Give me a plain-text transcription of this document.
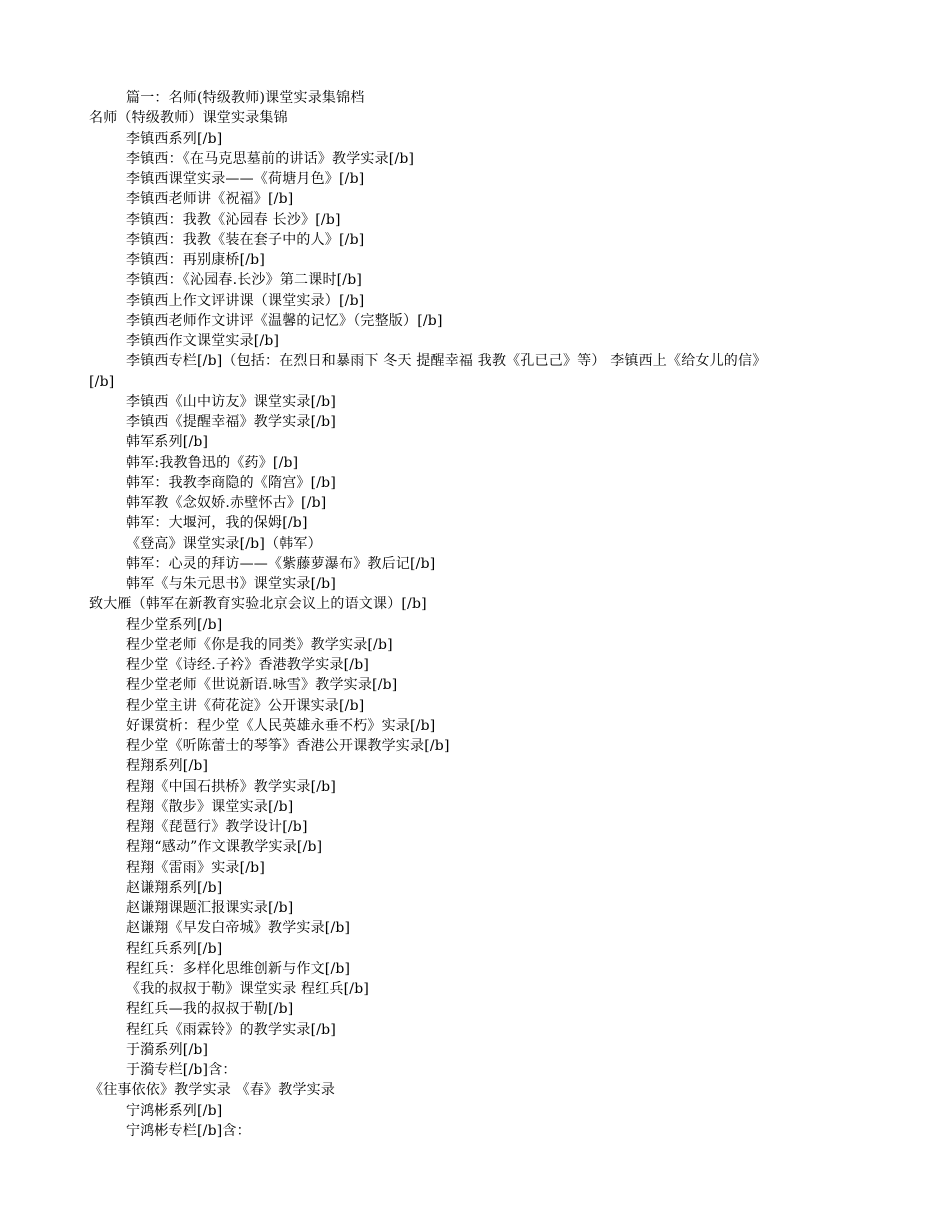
篇一：名师(特级教师)课堂实录集锦档
名师（特级教师）课堂实录集锦
李镇西系列[/b]
李镇西：《在马克思墓前的讲话》教学实录[/b]
李镇西课堂实录——《荷塘月色》[/b]
李镇西老师讲《祝福》[/b]
李镇西：我教《沁园春 长沙》[/b]
李镇西：我教《装在套子中的人》[/b]
李镇西：再别康桥[/b]
李镇西：《沁园春.长沙》第二课时[/b]
李镇西上作文评讲课（课堂实录）[/b]
李镇西老师作文讲评《温馨的记忆》（完整版）[/b]
李镇西作文课堂实录[/b]
李镇西专栏[/b]（包括：在烈日和暴雨下 冬天 提醒幸福 我教《孔已己》等） 李镇西上《给女儿的信》
[/b]
李镇西《山中访友》课堂实录[/b]
李镇西《提醒幸福》教学实录[/b]
韩军系列[/b]
韩军:我教鲁迅的《药》[/b]
韩军：我教李商隐的《隋宫》[/b]
韩军教《念奴娇.赤壁怀古》[/b]
韩军：大堰河，我的保姆[/b]
《登高》课堂实录[/b]（韩军）
韩军：心灵的拜访——《紫藤萝瀑布》教后记[/b]
韩军《与朱元思书》课堂实录[/b]
致大雁（韩军在新教育实验北京会议上的语文课）[/b]
程少堂系列[/b]
程少堂老师《你是我的同类》教学实录[/b]
程少堂《诗经.子衿》香港教学实录[/b]
程少堂老师《世说新语.咏雪》教学实录[/b]
程少堂主讲《荷花淀》公开课实录[/b]
好课赏析：程少堂《人民英雄永垂不朽》实录[/b]
程少堂《听陈蕾士的琴筝》香港公开课教学实录[/b]
程翔系列[/b]
程翔《中国石拱桥》教学实录[/b]
程翔《散步》课堂实录[/b]
程翔《琵琶行》教学设计[/b]
程翔“感动”作文课教学实录[/b]
程翔《雷雨》实录[/b]
赵谦翔系列[/b]
赵谦翔课题汇报课实录[/b]
赵谦翔《早发白帝城》教学实录[/b]
程红兵系列[/b]
程红兵：多样化思维创新与作文[/b]
《我的叔叔于勒》课堂实录 程红兵[/b]
程红兵—我的叔叔于勒[/b]
程红兵《雨霖铃》的教学实录[/b]
于漪系列[/b]
于漪专栏[/b]含：
《往事依依》教学实录 《春》教学实录
宁鸿彬系列[/b]
宁鸿彬专栏[/b]含：
